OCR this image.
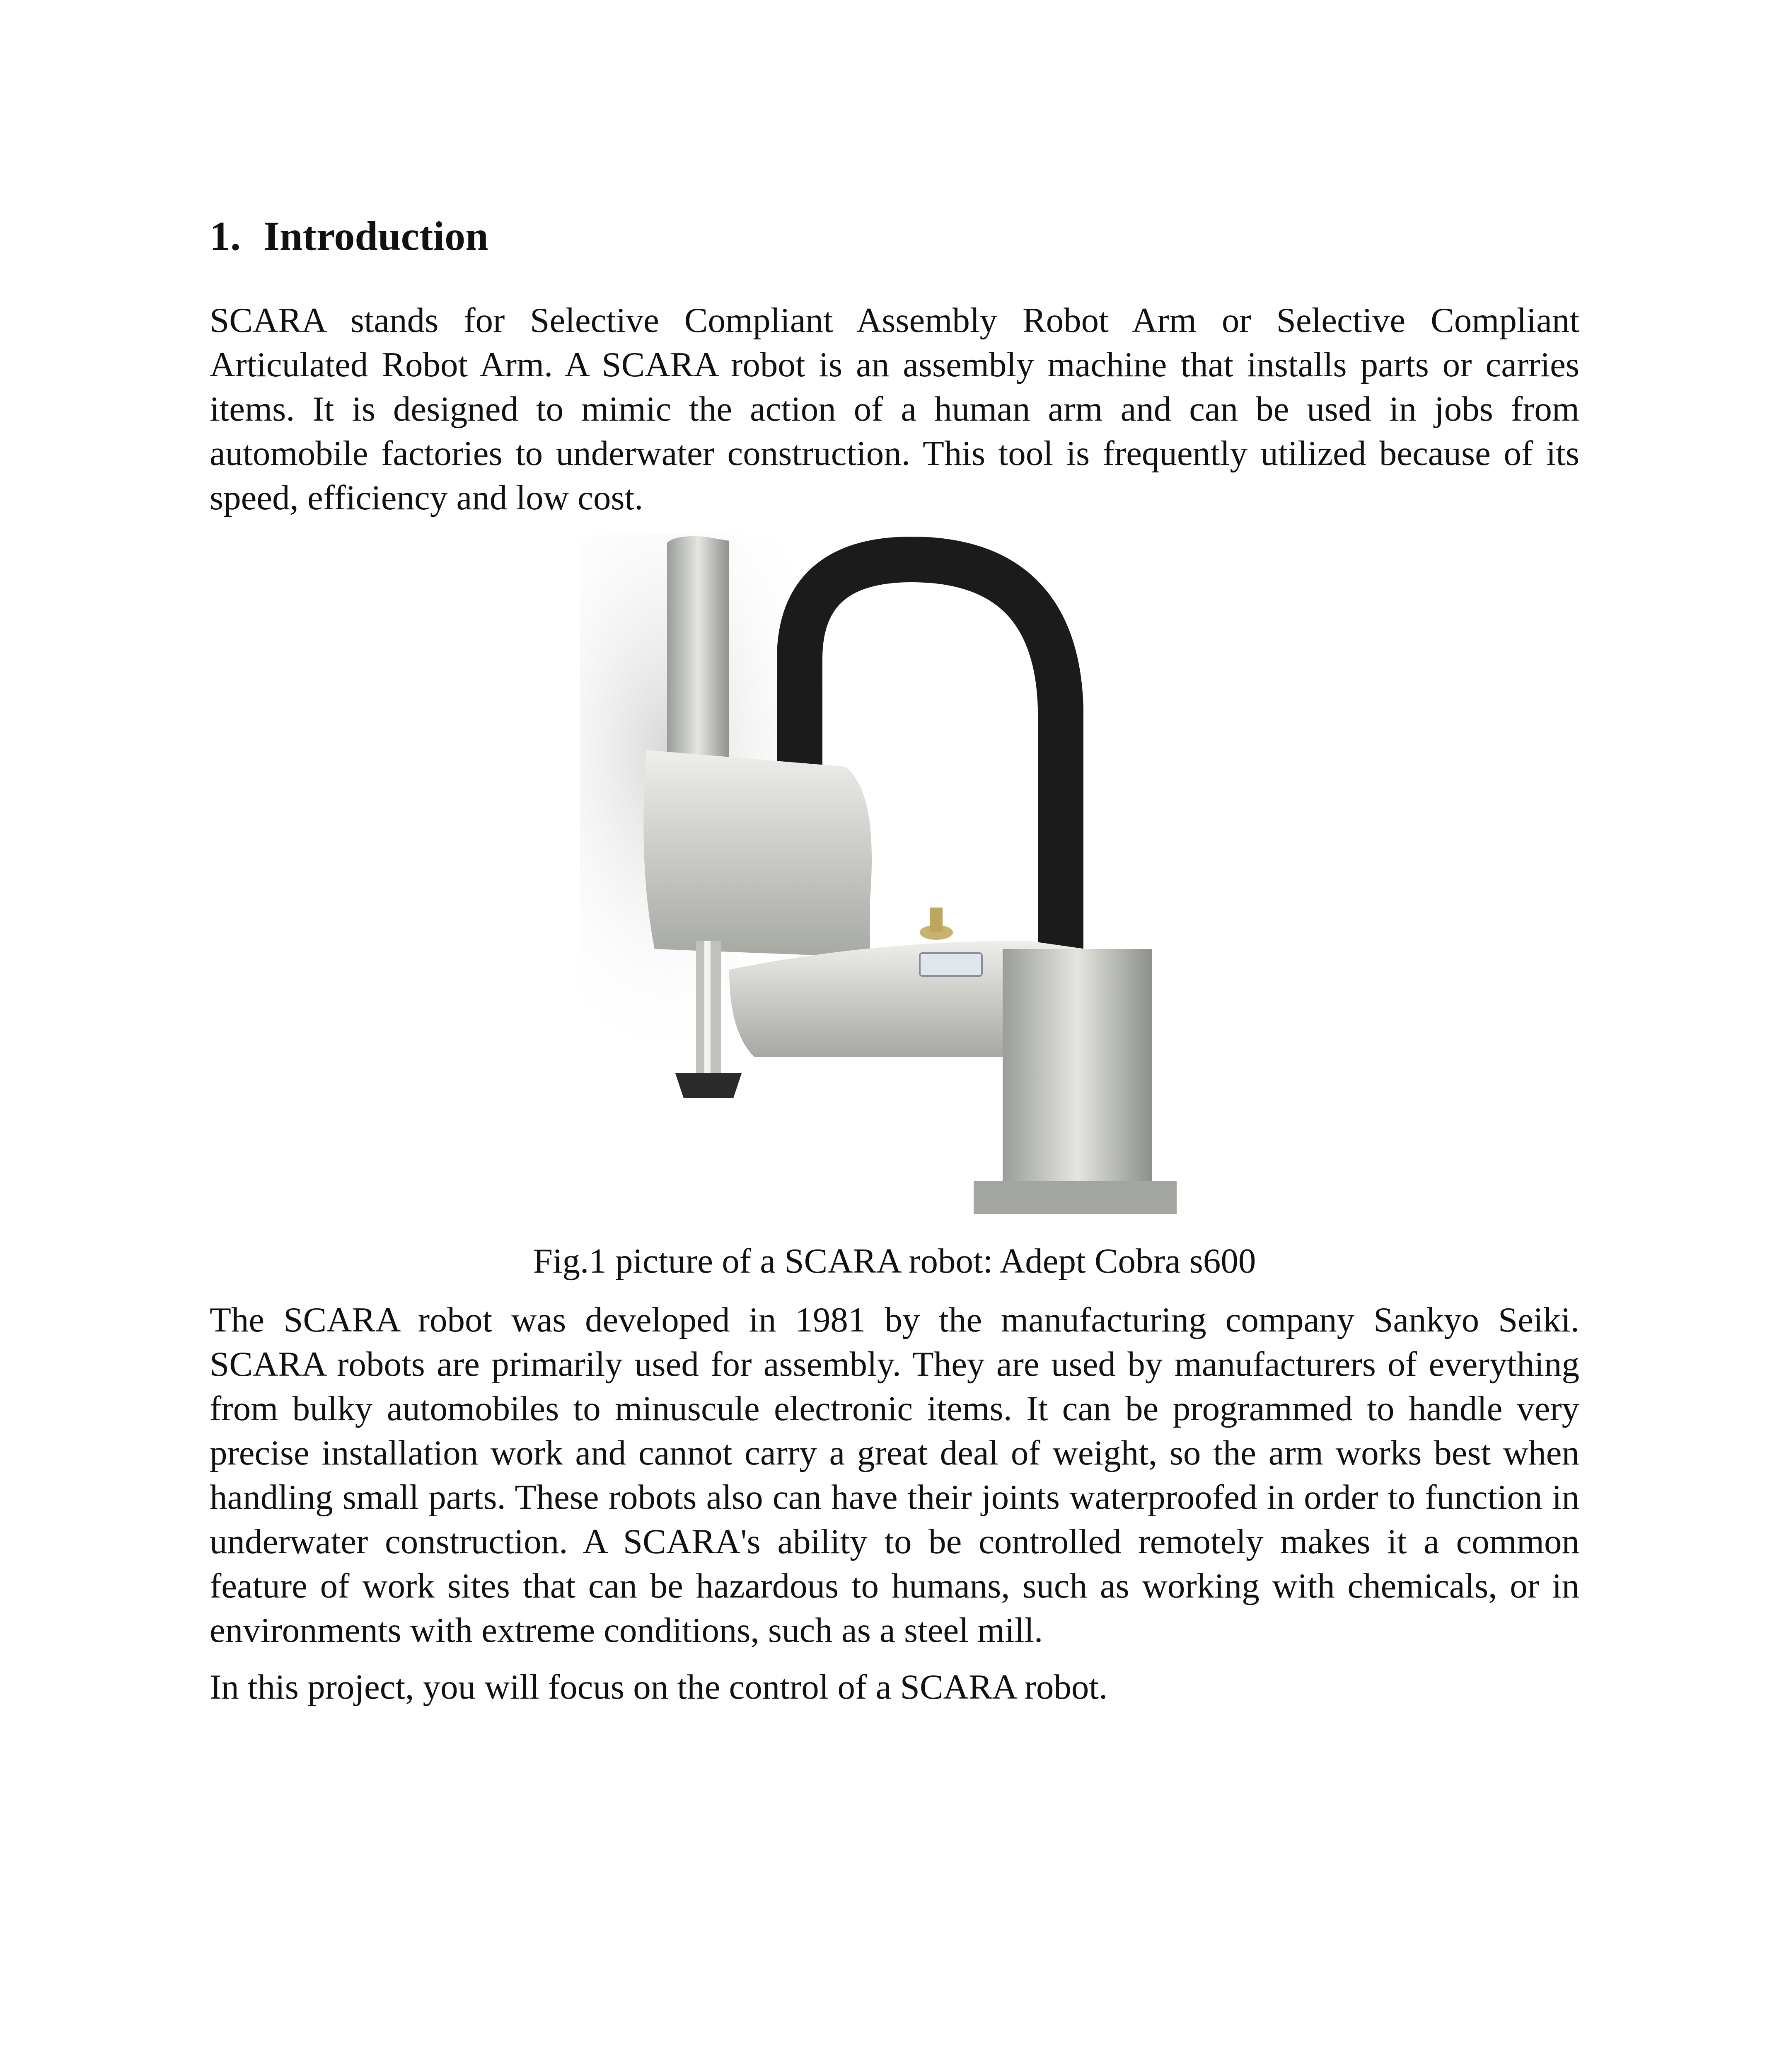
1. Introduction

SCARA stands for Selective Compliant Assembly Robot Arm or Selective Compliant Articulated Robot Arm. A SCARA robot is an assembly machine that installs parts or carries items. It is designed to mimic the action of a human arm and can be used in jobs from automobile factories to underwater construction. This tool is frequently utilized because of its speed, efficiency and low cost.

Fig.1 picture of a SCARA robot: Adept Cobra s600

The SCARA robot was developed in 1981 by the manufacturing company Sankyo Seiki. SCARA robots are primarily used for assembly. They are used by manufacturers of everything from bulky automobiles to minuscule electronic items. It can be programmed to handle very precise installation work and cannot carry a great deal of weight, so the arm works best when handling small parts. These robots also can have their joints waterproofed in order to function in underwater construction. A SCARA's ability to be controlled remotely makes it a common feature of work sites that can be hazardous to humans, such as working with chemicals, or in environments with extreme conditions, such as a steel mill.

In this project, you will focus on the control of a SCARA robot.
